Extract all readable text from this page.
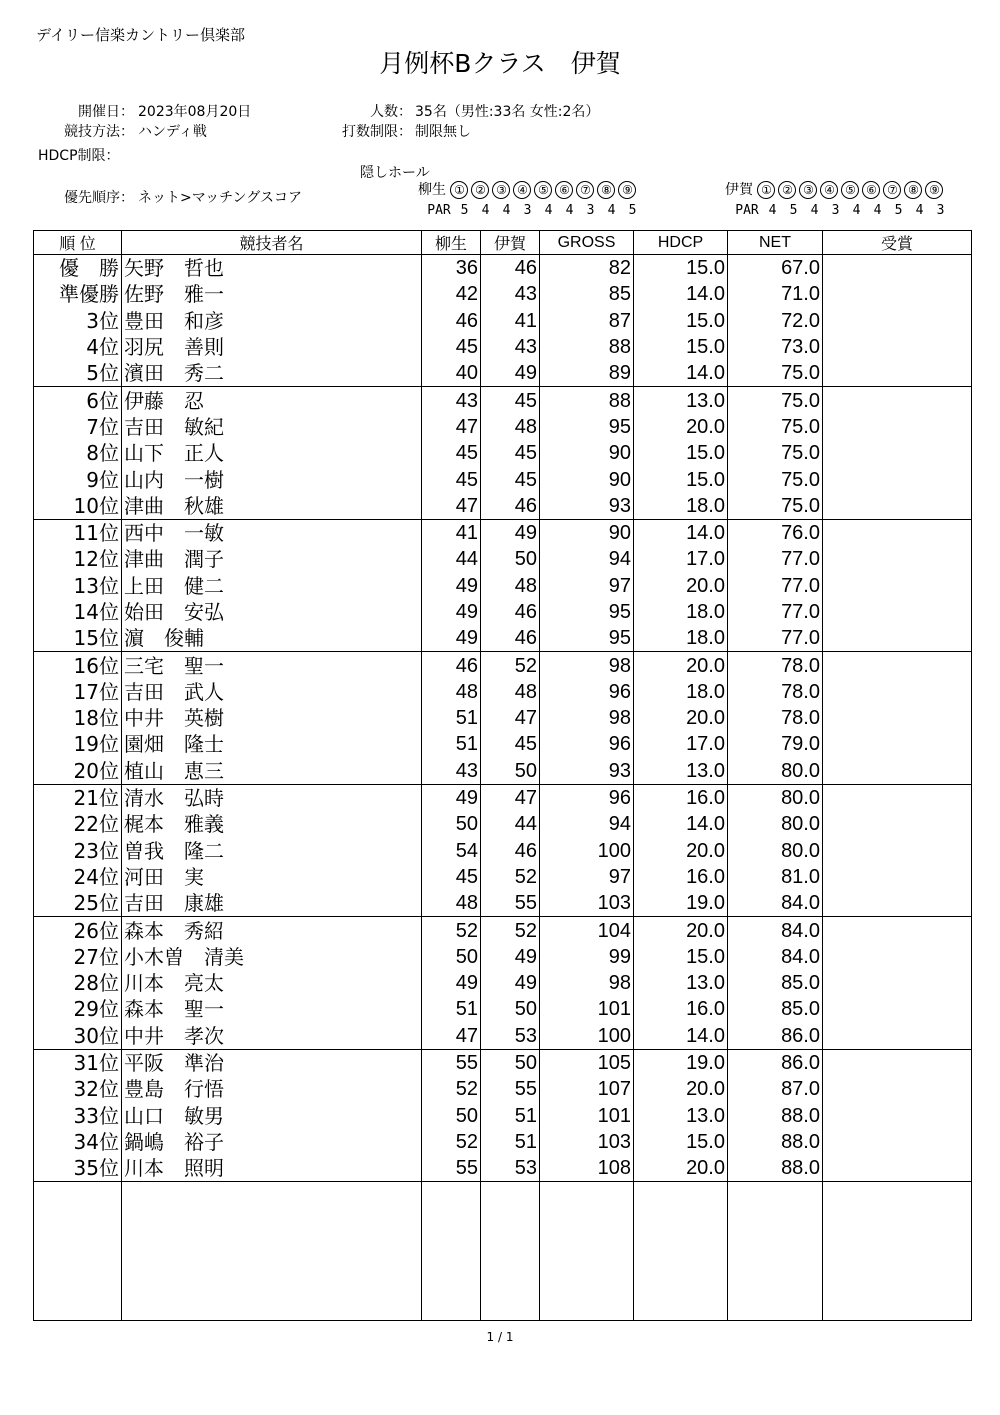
デイリー信楽カントリー倶楽部
月例杯Bクラス　伊賀
開催日： 2023年08月20日
競技方法： ハンディ戦
HDCP制限：
人数： 35名（男性:33名 女性:2名）
打数制限： 制限無し
隠しホール
優先順序： ネット>マッチングスコア	柳生 ① ② ③ ④ ⑤ ⑥ ⑦ ⑧ ⑨
PAR 5 4 4 3 4 4 3 4 5
伊賀 ① ② ③ ④ ⑤ ⑥ ⑦ ⑧ ⑨
PAR 4 5 4 3 4 4 5 4 3
順 位	競技者名	柳生	伊賀	GROSS	HDCP	NET	受賞
優　勝	矢野　哲也	36	46	82	15.0	67.0	
準優勝	佐野　雅一	42	43	85	14.0	71.0	
3位	豊田　和彦	46	41	87	15.0	72.0	
4位	羽尻　善則	45	43	88	15.0	73.0	
5位	濱田　秀二	40	49	89	14.0	75.0	
6位	伊藤　忍	43	45	88	13.0	75.0	
7位	吉田　敏紀	47	48	95	20.0	75.0	
8位	山下　正人	45	45	90	15.0	75.0	
9位	山内　一樹	45	45	90	15.0	75.0	
10位	津曲　秋雄	47	46	93	18.0	75.0	
11位	西中　一敏	41	49	90	14.0	76.0	
12位	津曲　潤子	44	50	94	17.0	77.0	
13位	上田　健二	49	48	97	20.0	77.0	
14位	始田　安弘	49	46	95	18.0	77.0	
15位	濵　俊輔	49	46	95	18.0	77.0	
16位	三宅　聖一	46	52	98	20.0	78.0	
17位	吉田　武人	48	48	96	18.0	78.0	
18位	中井　英樹	51	47	98	20.0	78.0	
19位	園畑　隆士	51	45	96	17.0	79.0	
20位	植山　恵三	43	50	93	13.0	80.0	
21位	清水　弘時	49	47	96	16.0	80.0	
22位	梶本　雅義	50	44	94	14.0	80.0	
23位	曽我　隆二	54	46	100	20.0	80.0	
24位	河田　実	45	52	97	16.0	81.0	
25位	吉田　康雄	48	55	103	19.0	84.0	
26位	森本　秀紹	52	52	104	20.0	84.0	
27位	小木曽　清美	50	49	99	15.0	84.0	
28位	川本　亮太	49	49	98	13.0	85.0	
29位	森本　聖一	51	50	101	16.0	85.0	
30位	中井　孝次	47	53	100	14.0	86.0	
31位	平阪　準治	55	50	105	19.0	86.0	
32位	豊島　行悟	52	55	107	20.0	87.0	
33位	山口　敏男	50	51	101	13.0	88.0	
34位	鍋嶋　裕子	52	51	103	15.0	88.0	
35位	川本　照明	55	53	108	20.0	88.0	

1 / 1
